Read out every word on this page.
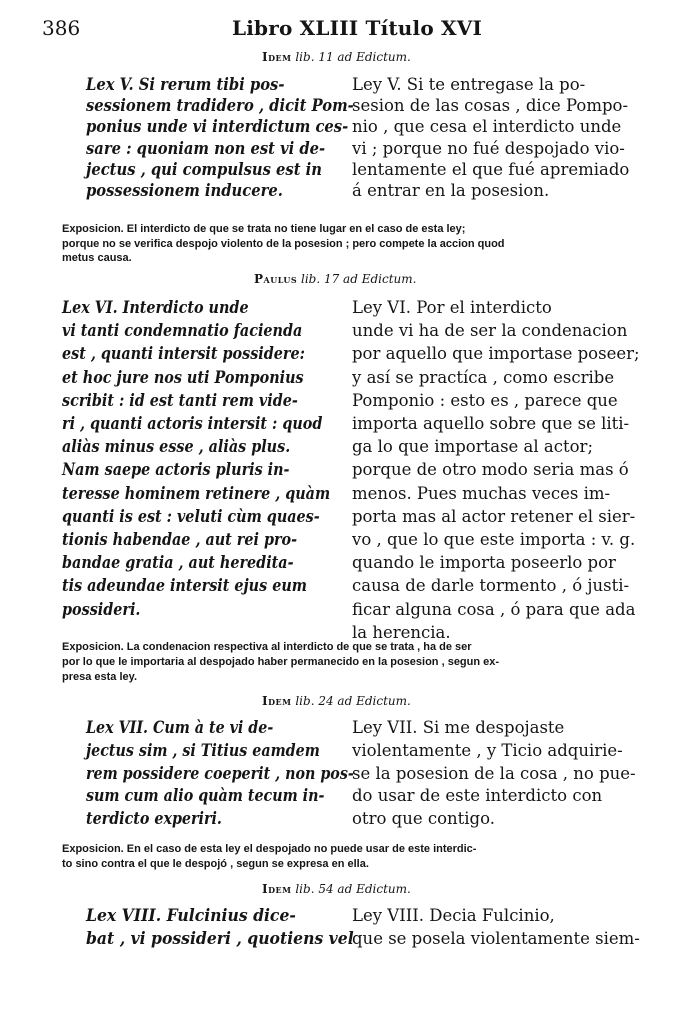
386	Libro XLIII Título XVI
Idem lib. 11 ad Edictum.
Lex V. Si rerum tibi pos-
sessionem tradidero , dicit Pom-
ponius unde vi interdictum ces-
sare : quoniam non est vi de-
jectus , qui compulsus est in
possessionem inducere.
Ley V. Si te entregase la po-
sesion de las cosas , dice Pompo-
nio , que cesa el interdicto unde
vi ; porque no fué despojado vio-
lentamente el que fué apremiado
á entrar en la posesion.
Exposicion. El interdicto de que se trata no tiene lugar en el caso de esta ley;
porque no se verifica despojo violento de la posesion ; pero compete la accion quod
metus causa.
Paulus lib. 17 ad Edictum.
Lex VI. Interdicto unde
vi tanti condemnatio facienda
est , quanti intersit possidere:
et hoc jure nos uti Pomponius
scribit : id est tanti rem vide-
ri , quanti actoris intersit : quod
aliàs minus esse , aliàs plus.
Nam saepe actoris pluris in-
teresse hominem retinere , quàm
quanti is est : veluti cùm quaes-
tionis habendae , aut rei pro-
bandae gratia , aut heredita-
tis adeundae intersit ejus eum
possideri.
Ley VI. Por el interdicto
unde vi ha de ser la condenacion
por aquello que importase poseer;
y así se practíca , como escribe
Pomponio : esto es , parece que
importa aquello sobre que se liti-
ga lo que importase al actor;
porque de otro modo seria mas ó
menos. Pues muchas veces im-
porta mas al actor retener el sier-
vo , que lo que este importa : v. g.
quando le importa poseerlo por
causa de darle tormento , ó justi-
ficar alguna cosa , ó para que ada
la herencia.
Exposicion. La condenacion respectiva al interdicto de que se trata , ha de ser
por lo que le importaria al despojado haber permanecido en la posesion , segun ex-
presa esta ley.
Idem lib. 24 ad Edictum.
Lex VII. Cum à te vi de-
jectus sim , si Titius eamdem
rem possidere coeperit , non pos-
sum cum alio quàm tecum in-
terdicto experiri.
Ley VII. Si me despojaste
violentamente , y Ticio adquirie-
se la posesion de la cosa , no pue-
do usar de este interdicto con
otro que contigo.
Exposicion. En el caso de esta ley el despojado no puede usar de este interdic-
to sino contra el que le despojó , segun se expresa en ella.
Idem lib. 54 ad Edictum.
Lex VIII. Fulcinius dice-
bat , vi possideri , quotiens vel
Ley VIII. Decia Fulcinio,
que se posela violentamente siem-
